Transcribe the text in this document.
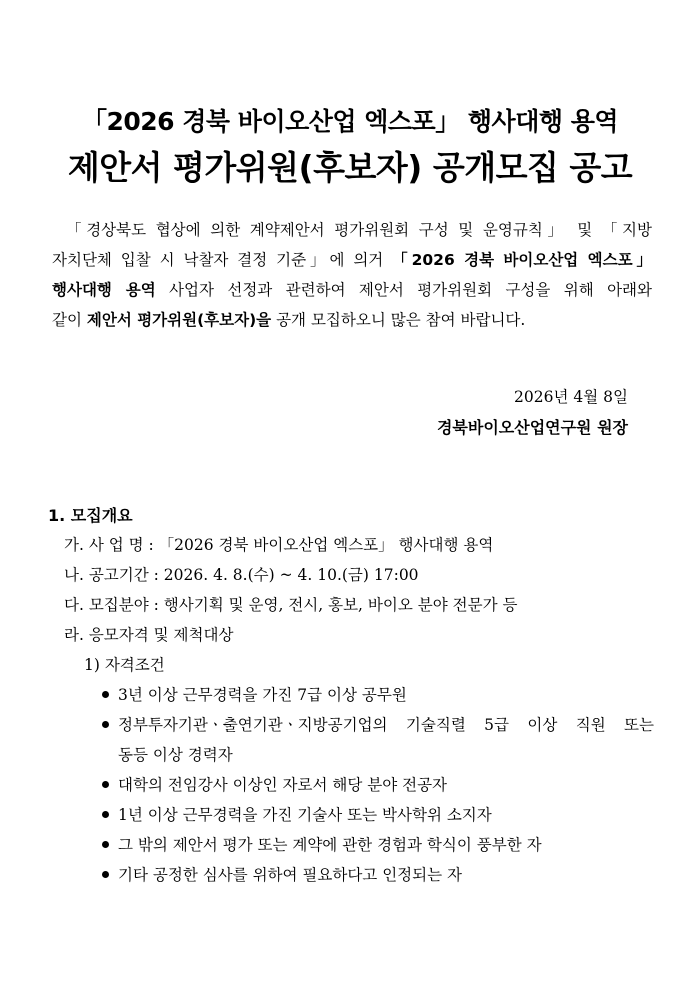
「2026 경북 바이오산업 엑스포」 행사대행 용역
제안서 평가위원(후보자) 공개모집 공고
「경상북도 협상에 의한 계약제안서 평가위원회 구성 및 운영규칙」 및 「지방
자치단체 입찰 시 낙찰자 결정 기준」에 의거 「2026 경북 바이오산업 엑스포」
행사대행 용역 사업자 선정과 관련하여 제안서 평가위원회 구성을 위해 아래와
같이 제안서 평가위원(후보자)을 공개 모집하오니 많은 참여 바랍니다.
2026년 4월 8일
경북바이오산업연구원 원장
1. 모집개요
가. 사 업 명 : 「2026 경북 바이오산업 엑스포」 행사대행 용역
나. 공고기간 : 2026. 4. 8.(수) ~ 4. 10.(금) 17:00
다. 모집분야 : 행사기획 및 운영, 전시, 홍보, 바이오 분야 전문가 등
라. 응모자격 및 제척대상
1) 자격조건
3년 이상 근무경력을 가진 7급 이상 공무원
정부투자기관ㆍ출연기관ㆍ지방공기업의 기술직렬 5급 이상 직원 또는
동등 이상 경력자
대학의 전임강사 이상인 자로서 해당 분야 전공자
1년 이상 근무경력을 가진 기술사 또는 박사학위 소지자
그 밖의 제안서 평가 또는 계약에 관한 경험과 학식이 풍부한 자
기타 공정한 심사를 위하여 필요하다고 인정되는 자
